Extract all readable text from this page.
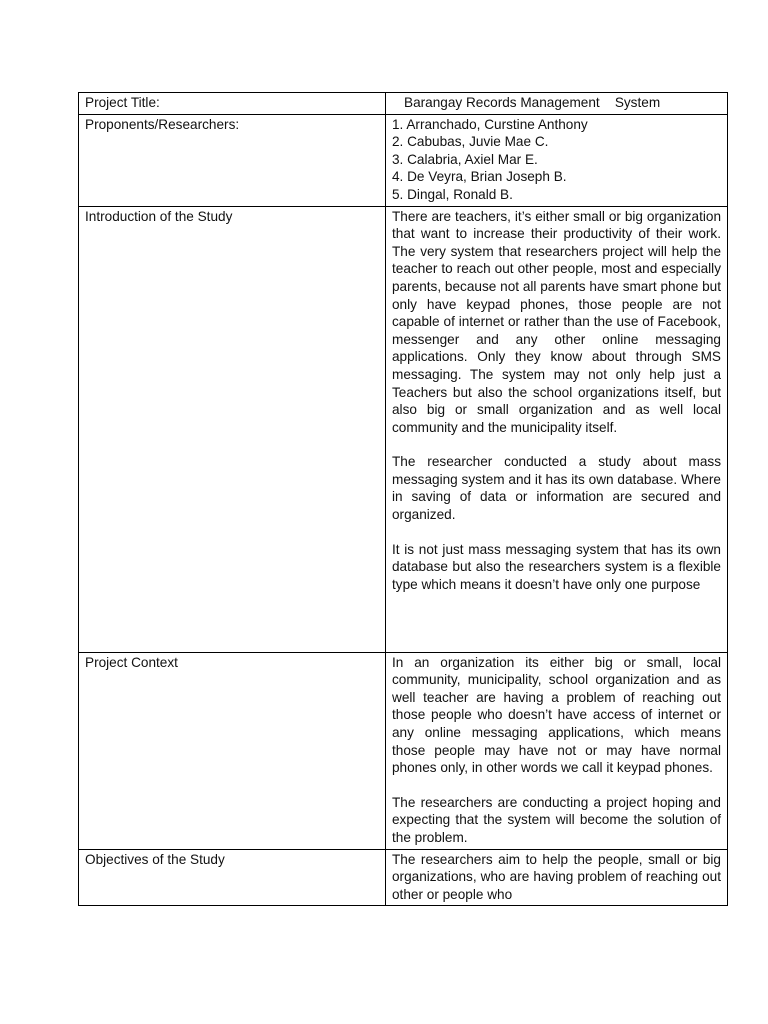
Project Title:	Barangay Records Management    System
Proponents/Researchers:	1. Arranchado, Curstine Anthony
2. Cabubas, Juvie Mae C.
3. Calabria, Axiel Mar E.
4. De Veyra, Brian Joseph B.
5. Dingal, Ronald B.

Introduction of the Study	There are teachers, it’s either small or big organization that want to increase their productivity of their work. The very system that researchers project will help the teacher to reach out other people, most and especially parents, because not all parents have smart phone but only have keypad phones, those people are not capable of internet or rather than the use of Facebook, messenger and any other online messaging applications. Only they know about through SMS messaging. The system may not only help just a Teachers but also the school organizations itself, but also big or small organization and as well local community and the municipality itself.

The researcher conducted a study about mass messaging system and it has its own database. Where in saving of data or information are secured and organized.

It is not just mass messaging system that has its own database but also the researchers system is a flexible type which means it doesn’t have only one purpose

Project Context	In an organization its either big or small, local community, municipality, school organization and as well teacher are having a problem of reaching out those people who doesn’t have access of internet or any online messaging applications, which means those people may have not or may have normal phones only, in other words we call it keypad phones.

The researchers are conducting a project hoping and expecting that the system will become the solution of the problem.

Objectives of the Study	The researchers aim to help the people, small or big organizations, who are having problem of reaching out other or people who
